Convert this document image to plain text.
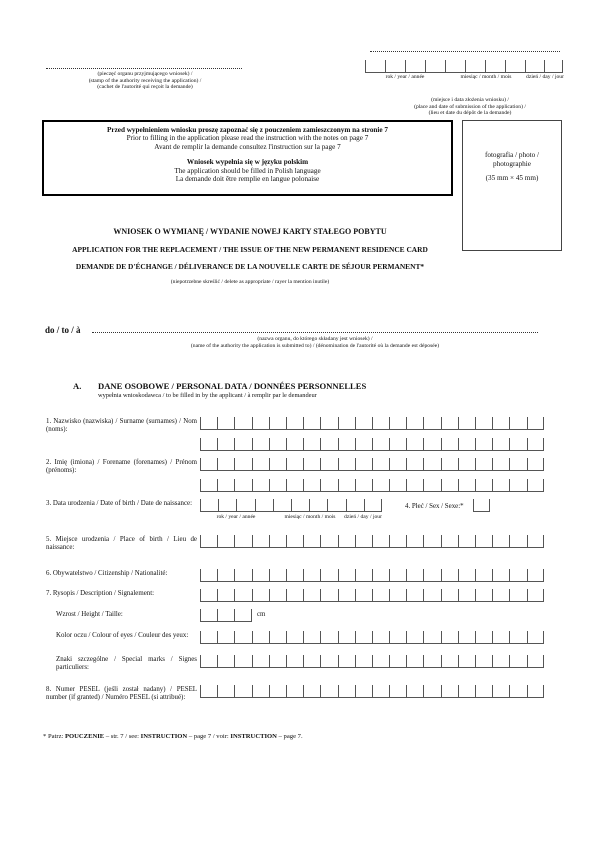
(pieczęć organu przyjmującego wniosek) /
(stamp of the authority receiving the application) /
(cachet de l'autorité qui reçoit la demande)
rok / year / année	miesiąc / month / mois	dzień / day / jour
(miejsce i data złożenia wniosku) /
(place and date of submission of the application) /
(lieu et date du dépôt de la demande)
Przed wypełnieniem wniosku proszę zapoznać się z pouczeniem zamieszczonym na stronie 7
Prior to filling in the application please read the instruction with the notes on page 7
Avant de remplir la demande consultez l'instruction sur la page 7
Wniosek wypełnia się w języku polskim
The application should be filled in Polish language
La demande doit être remplie en langue polonaise
fotografia / photo / photographie
(35 mm × 45 mm)
WNIOSEK O WYMIANĘ / WYDANIE NOWEJ KARTY STAŁEGO POBYTU
APPLICATION FOR THE REPLACEMENT / THE ISSUE OF THE NEW PERMANENT RESIDENCE CARD
DEMANDE DE D'ÉCHANGE / DÉLIVERANCE DE LA NOUVELLE CARTE DE SÉJOUR PERMANENT*
(niepotrzebne skreślić / delete as appropriate / rayer la mention inutile)
do / to / à
(nazwa organu, do którego składany jest wniosek) /
(name of the authority the application is submitted to) / (dénomination de l'autorité où la demande est déposée)
A. DANE OSOBOWE / PERSONAL DATA / DONNÉES PERSONNELLES
wypełnia wnioskodawca / to be filled in by the applicant / à remplir par le demandeur
1. Nazwisko (nazwiska) / Surname (surnames) / Nom (noms):
2. Imię (imiona) / Forename (forenames) / Prénom (prénoms):
3. Data urodzenia / Date of birth / Date de naissance:
rok / year / année	miesiąc / month / mois	dzień / day / jour
4. Płeć / Sex / Sexe:*
5. Miejsce urodzenia / Place of birth / Lieu de naissance:
6. Obywatelstwo / Citizenship / Nationalité:
7. Rysopis / Description / Signalement:
Wzrost / Height / Taille:	cm
Kolor oczu / Colour of eyes / Couleur des yeux:
Znaki szczególne / Special marks / Signes particuliers:
8. Numer PESEL (jeśli został nadany) / PESEL number (if granted) / Numéro PESEL (si attribué):
* Patrz: POUCZENIE – str. 7 / see: INSTRUCTION – page 7 / voir: INSTRUCTION – page 7.
